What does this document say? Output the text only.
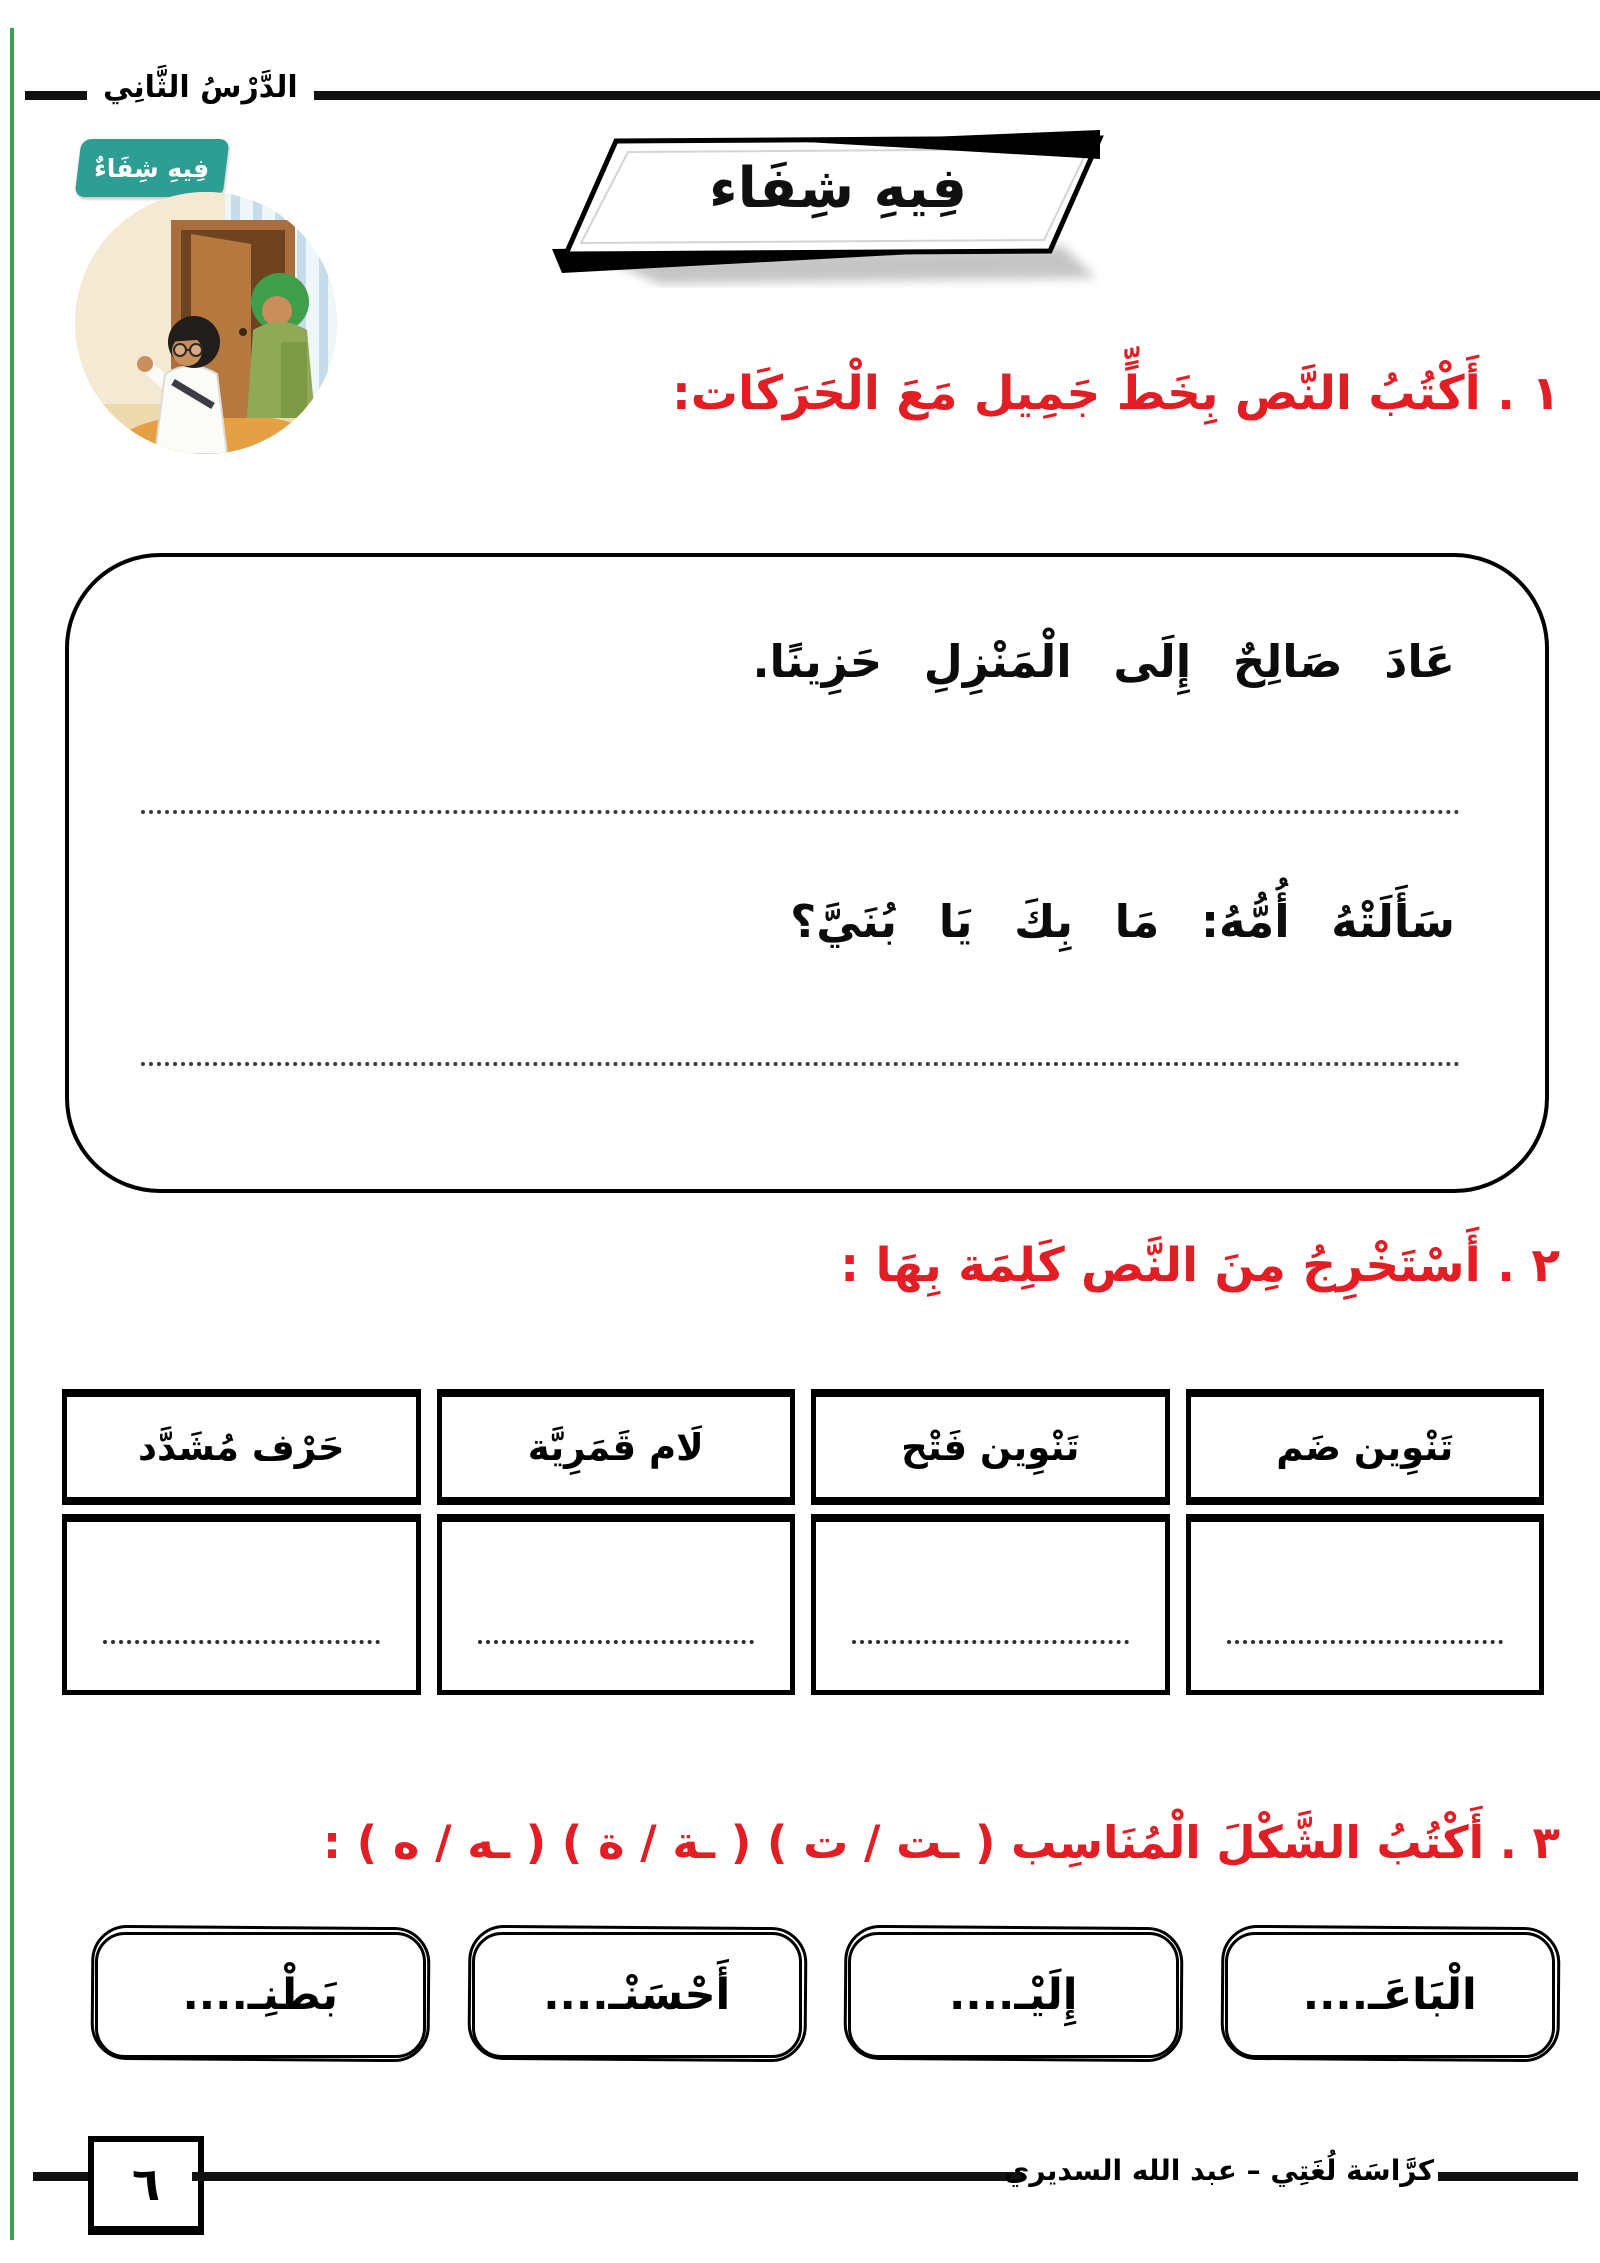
الدَّرْسُ الثَّانِي
فِيهِ شِفَاءٌ	فِيهِ شِفَاء
١ . أَكْتُبُ النَّص بِخَطٍّ جَمِيل مَعَ الْحَرَكَات:
عَادَ صَالِحٌ إِلَى الْمَنْزِلِ حَزِينًا.
سَأَلَتْهُ أُمُّهُ: مَا بِكَ يَا بُنَيَّ؟
٢ . أَسْتَخْرِجُ مِنَ النَّص كَلِمَة بِهَا :
تَنْوِين ضَم
تَنْوِين فَتْح
لَام قَمَرِيَّة
حَرْف مُشَدَّد
٣ . أَكْتُبُ الشَّكْلَ الْمُنَاسِب ( ـت / ت ) ( ـة / ة ) ( ـه / ه ) :
الْبَاعَـ....
إِلَيْـ....
أَحْسَنْـ....
بَطْنِـ....
٦	كرَّاسَة لُغَتِي – عبد الله السديري
